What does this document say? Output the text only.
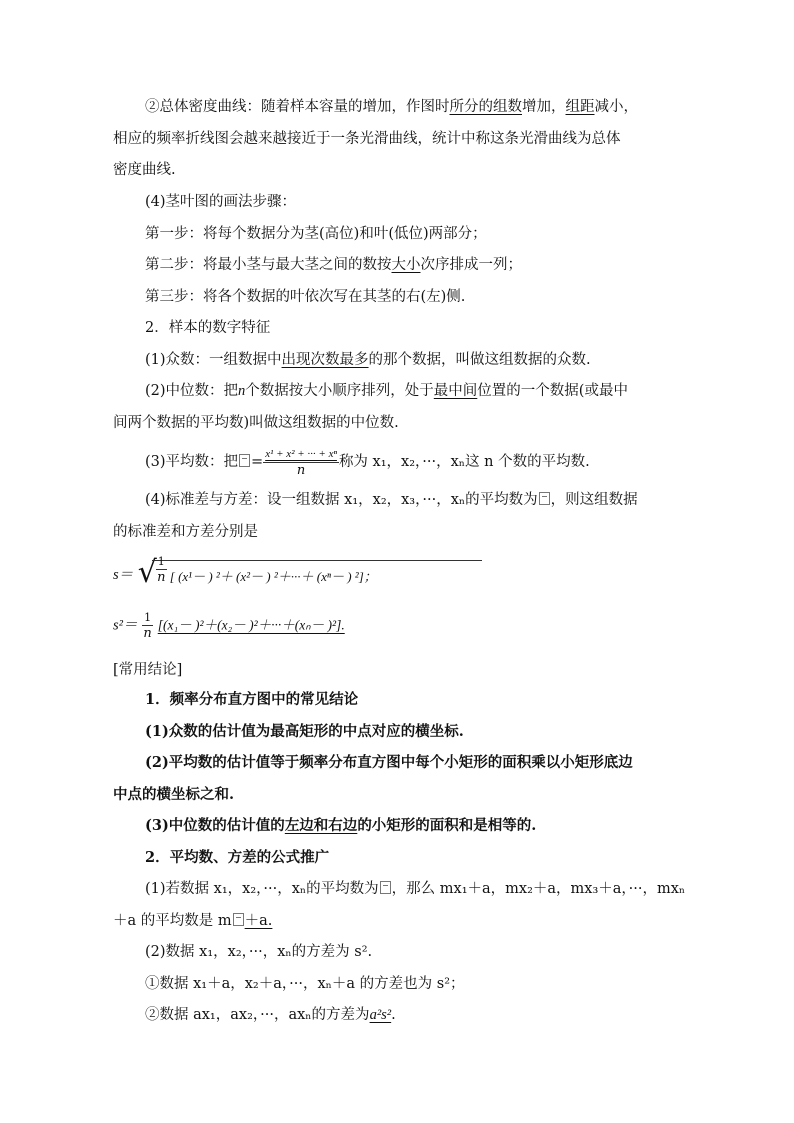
②总体密度曲线：随着样本容量的增加，作图时所分的组数增加，组距减小，
相应的频率折线图会越来越接近于一条光滑曲线，统计中称这条光滑曲线为总体
密度曲线.
(4)茎叶图的画法步骤：
第一步：将每个数据分为茎(高位)和叶(低位)两部分；
第二步：将最小茎与最大茎之间的数按大小次序排成一列；
第三步：将各个数据的叶依次写在其茎的右(左)侧.
2．样本的数字特征
(1)众数：一组数据中出现次数最多的那个数据，叫做这组数据的众数.
(2)中位数：把n个数据按大小顺序排列，处于最中间位置的一个数据(或最中
间两个数据的平均数)叫做这组数据的中位数.
(3)平均数：把 = $\frac{\text{x¹ + x² + ··· + xⁿ}}{n}$ 称为 x₁，x₂，···，xₙ这 n 个数的平均数.
(4)标准差与方差：设一组数据 x₁，x₂，x₃，···，xₙ的平均数为 ，则这组数据
的标准差和方差分别是
s＝ √ 1
n [ (x¹－ ) ²＋ (x²－ ) ²＋···＋ (xⁿ－ ) ²]；
$s^2= \frac{1}{n} [(x_1- )^2+(x_2- )^2+\cdot\cdot\cdot+(x_n- )^2]$.
[常用结论]
1．频率分布直方图中的常见结论
(1)众数的估计值为最高矩形的中点对应的横坐标.
(2)平均数的估计值等于频率分布直方图中每个小矩形的面积乘以小矩形底边
中点的横坐标之和.
(3)中位数的估计值的左边和右边的小矩形的面积和是相等的.
2．平均数、方差的公式推广
(1)若数据 x₁，x₂，···，xₙ的平均数为 ，那么 mx₁＋a，mx₂＋a，mx₃＋a，···，mxₙ
＋a 的平均数是 m ＋a.
(2)数据 x₁，x₂，···，xₙ的方差为 s².
①数据 x₁＋a，x₂＋a，···，xₙ＋a 的方差也为 s²；
②数据 ax₁，ax₂，···，axₙ的方差为a²s².
